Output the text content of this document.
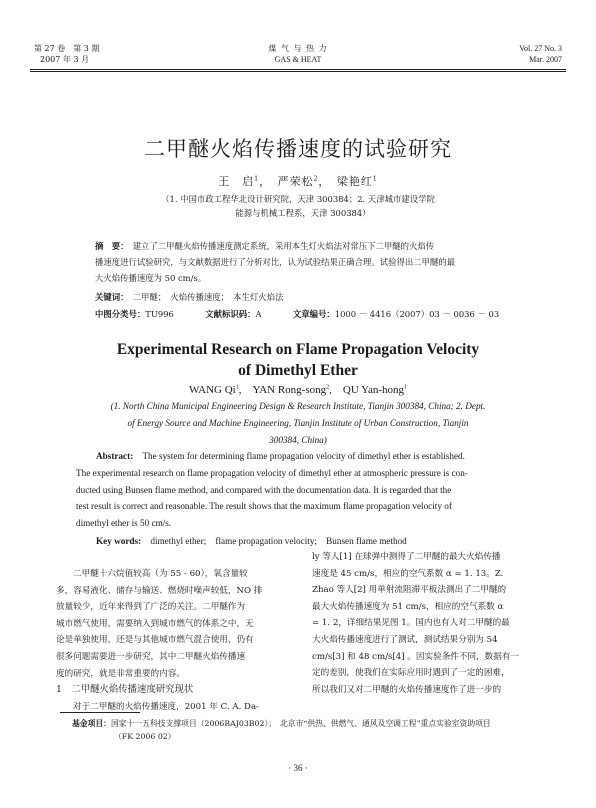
第 27 卷　第 3 期
2007 年 3 月
煤 气 与 热 力
GAS & HEAT
Vol. 27 No. 3
Mar. 2007
二甲醚火焰传播速度的试验研究
王　启$^1$，　严荣松$^2$，　梁艳红$^1$
（1. 中国市政工程华北设计研究院，天津 300384；2. 天津城市建设学院
能源与机械工程系，天津 300384）
摘　要：　 建立了二甲醚火焰传播速度测定系统，采用本生灯火焰法对常压下二甲醚的火焰传
播速度进行试验研究，与文献数据进行了分析对比，认为试验结果正确合理。试验得出二甲醚的最
大火焰传播速度为 50 cm/s。
关键词：　 二甲醚；　火焰传播速度；　本生灯火焰法
中图分类号：TU996	文献标识码：A	文章编号：1000 － 4416（2007）03 － 0036 － 03
Experimental Research on Flame Propagation Velocity
of Dimethyl Ether
WANG Qi$^1$,　YAN Rong-song$^2$,　QU Yan-hong$^1$
(1. North China Municipal Engineering Design & Research Institute, Tianjin 300384, China; 2. Dept.
of Energy Source and Machine Engineering, Tianjin Institute of Urban Construction, Tianjin
300384, China)
Abstract:　 The system for determining flame propagation velocity of dimethyl ether is established.
The experimental research on flame propagation velocity of dimethyl ether at atmospheric pressure is con-
ducted using Bunsen flame method, and compared with the documentation data. It is regarded that the
test result is correct and reasonable. The result shows that the maximum flame propagation velocity of
dimethyl ether is 50 cm/s.
Key words:　 dimethyl ether;　flame propagation velocity;　Bunsen flame method
二甲醚十六烷值较高（为 55 - 60），氧含量较
多，容易液化、储存与输送、燃烧时噪声较低，NO 排
放量较少，近年来得到了广泛的关注。二甲醚作为
城市燃气使用，需要纳入到城市燃气的体系之中，无
论是单独使用，还是与其他城市燃气混合使用，仍有
很多问题需要进一步研究，其中二甲醚火焰传播速
度的研究，就是非常重要的内容。
1　二甲醚火焰传播速度研究现状
对于二甲醚的火焰传播速度，2001 年 C. A. Da-
ly 等人[1] 在球弹中测得了二甲醚的最大火焰传播
速度是 45 cm/s，相应的空气系数 α = 1. 13。Z.
Zhao 等人[2] 用单射流阻滞平板法测出了二甲醚的
最大火焰传播速度为 51 cm/s，相应的空气系数 α
= 1. 2，详细结果见图 1。国内也有人对二甲醚的最
大火焰传播速度进行了测试，测试结果分别为 54
cm/s[3] 和 48 cm/s[4] 。因实验条件不同，数据有一
定的差别，使我们在实际应用时遇到了一定的困难，
所以我们又对二甲醚的火焰传播速度作了进一步的
基金项目：国家十一五科技支撑项目（2006BAJ03B02）；　北京市“供热、供燃气、通风及空调工程”重点实验室资助项目
（FK 2006 02）
· 36 ·
